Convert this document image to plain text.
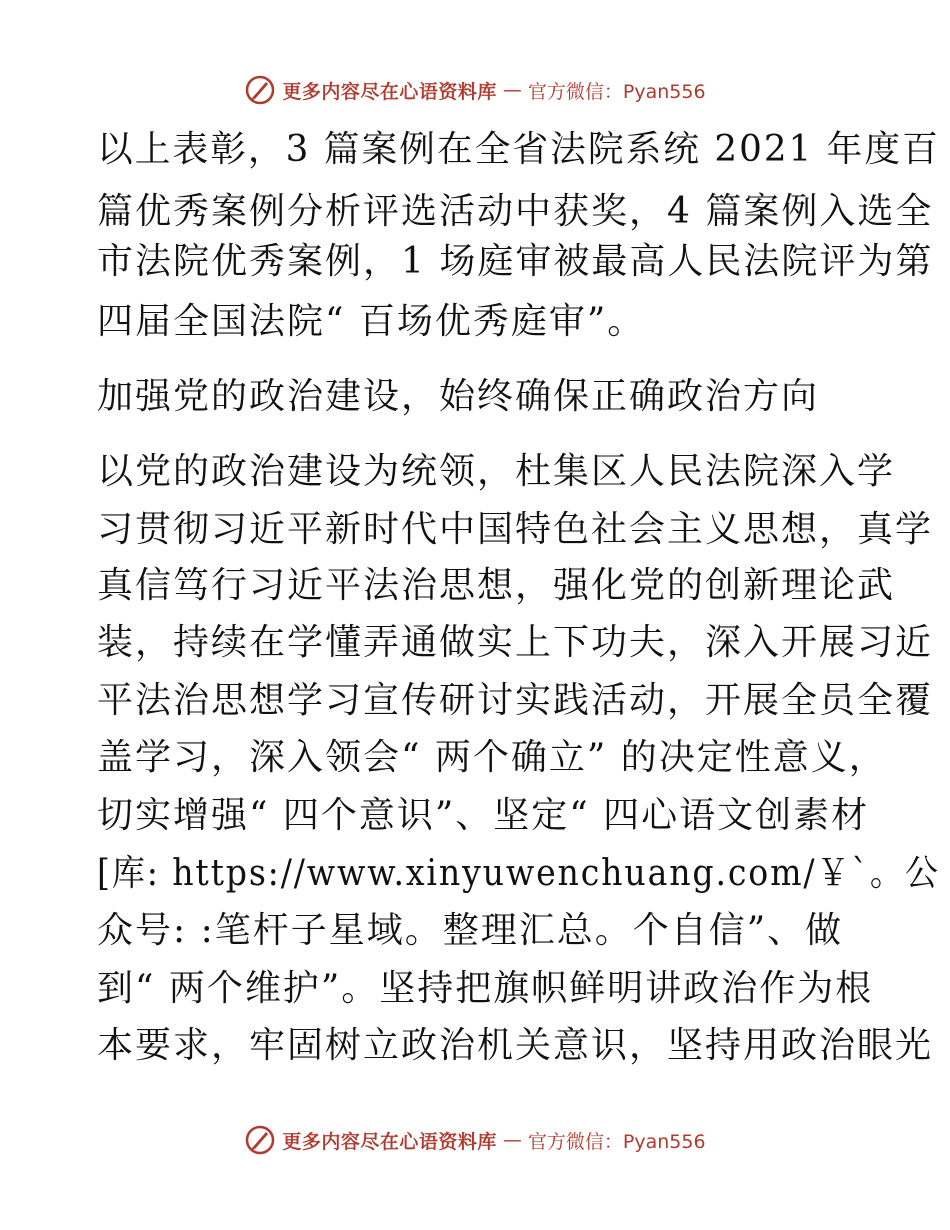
更多内容尽在心语资料库 — 官方微信：Pyan556
以上表彰，3 篇案例在全省法院系统 2021 年度百
篇优秀案例分析评选活动中获奖，4 篇案例入选全
市法院优秀案例，1 场庭审被最高人民法院评为第
四届全国法院“ 百场优秀庭审”。
加强党的政治建设，始终确保正确政治方向
以党的政治建设为统领，杜集区人民法院深入学
习贯彻习近平新时代中国特色社会主义思想，真学
真信笃行习近平法治思想，强化党的创新理论武
装，持续在学懂弄通做实上下功夫，深入开展习近
平法治思想学习宣传研讨实践活动，开展全员全覆
盖学习，深入领会“ 两个确立” 的决定性意义，
切实增强“ 四个意识”、坚定“ 四心语文创素材
[库: https://www.xinyuwenchuang.com/￥`。公
众号: :笔杆子星域。整理汇总。个自信”、做
到“ 两个维护”。坚持把旗帜鲜明讲政治作为根
本要求，牢固树立政治机关意识，坚持用政治眼光
更多内容尽在心语资料库 — 官方微信：Pyan556
